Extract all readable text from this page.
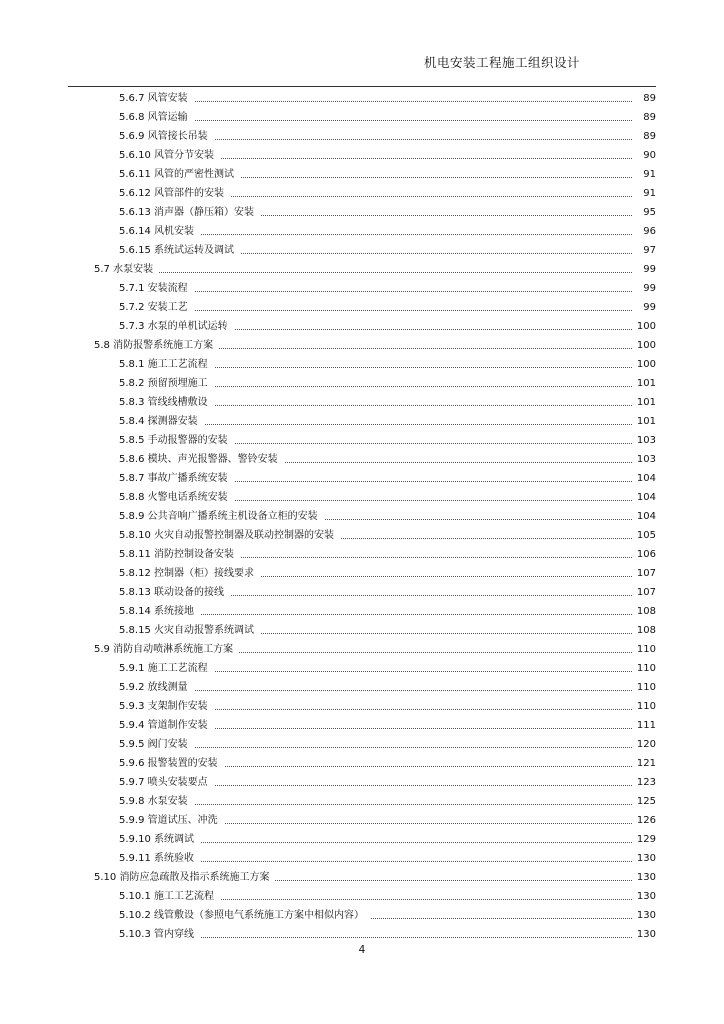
机电安装工程施工组织设计
5.6.7 风管安装	89
5.6.8 风管运输	89
5.6.9 风管接长吊装	89
5.6.10 风管分节安装	90
5.6.11 风管的严密性测试	91
5.6.12 风管部件的安装	91
5.6.13 消声器（静压箱）安装	95
5.6.14 风机安装	96
5.6.15 系统试运转及调试	97
5.7 水泵安装	99
5.7.1 安装流程	99
5.7.2 安装工艺	99
5.7.3 水泵的单机试运转	100
5.8 消防报警系统施工方案	100
5.8.1 施工工艺流程	100
5.8.2 预留预埋施工	101
5.8.3 管线线槽敷设	101
5.8.4 探测器安装	101
5.8.5 手动报警器的安装	103
5.8.6 模块、声光报警器、警铃安装	103
5.8.7 事故广播系统安装	104
5.8.8 火警电话系统安装	104
5.8.9 公共音响广播系统主机设备立柜的安装	104
5.8.10 火灾自动报警控制器及联动控制器的安装	105
5.8.11 消防控制设备安装	106
5.8.12 控制器（柜）接线要求	107
5.8.13 联动设备的接线	107
5.8.14 系统接地	108
5.8.15 火灾自动报警系统调试	108
5.9 消防自动喷淋系统施工方案	110
5.9.1 施工工艺流程	110
5.9.2 放线测量	110
5.9.3 支架制作安装	110
5.9.4 管道制作安装	111
5.9.5 阀门安装	120
5.9.6 报警装置的安装	121
5.9.7 喷头安装要点	123
5.9.8 水泵安装	125
5.9.9 管道试压、冲洗	126
5.9.10 系统调试	129
5.9.11 系统验收	130
5.10 消防应急疏散及指示系统施工方案	130
5.10.1 施工工艺流程	130
5.10.2 线管敷设（参照电气系统施工方案中相似内容）	130
5.10.3 管内穿线	130
4
